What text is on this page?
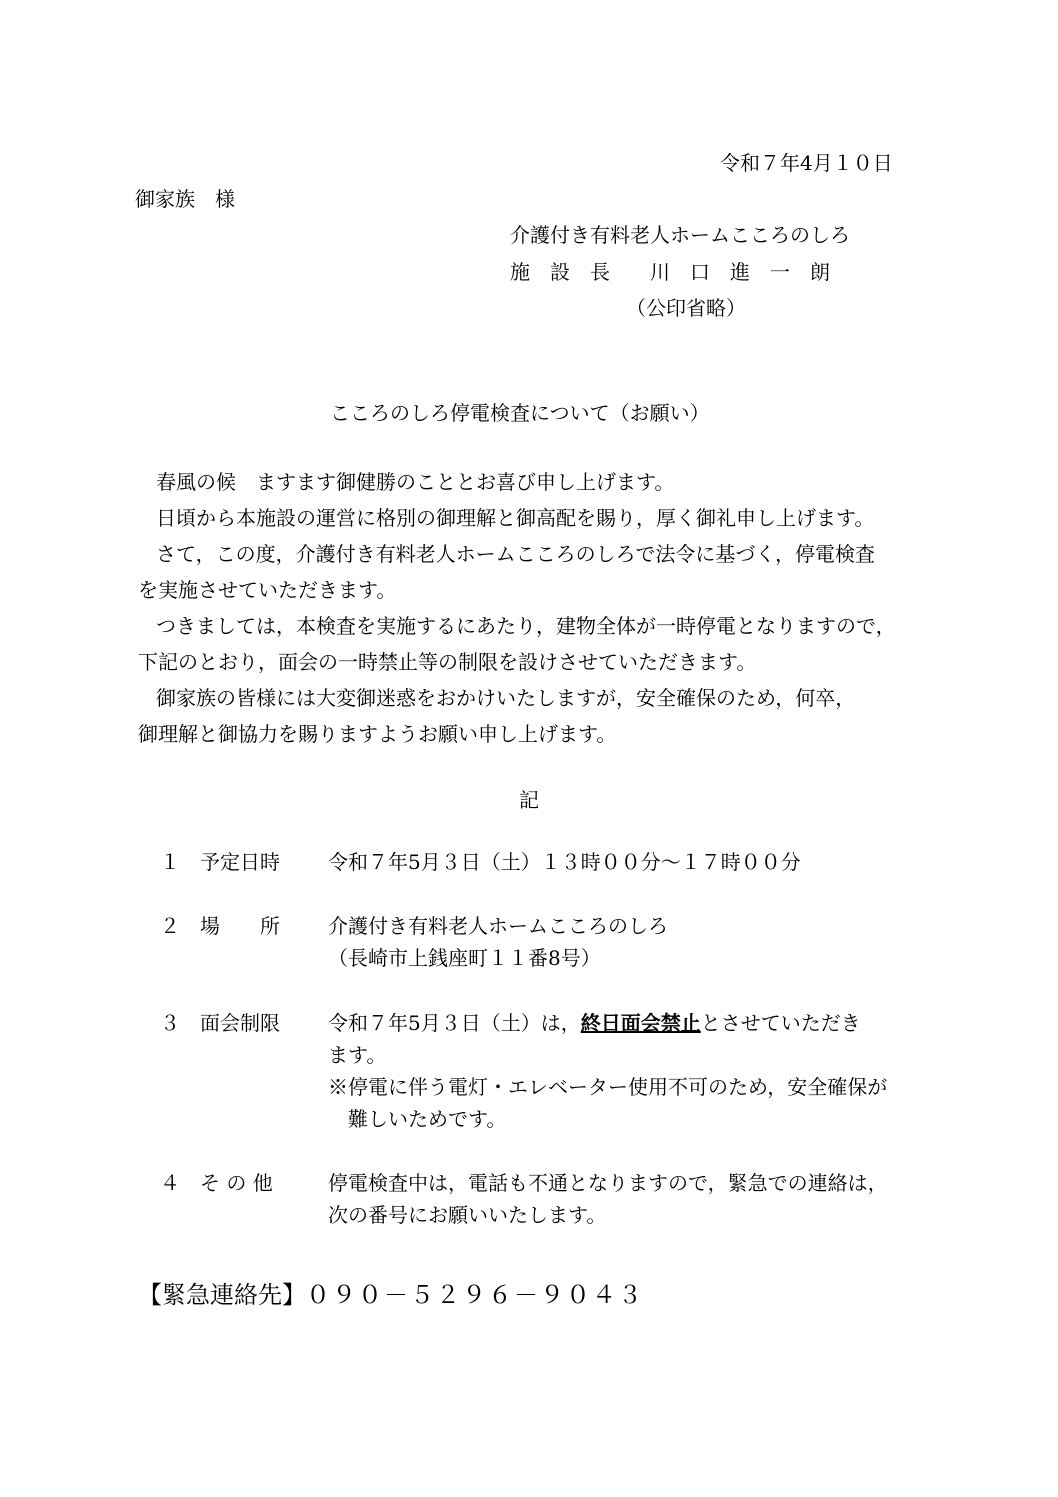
令和７年4月１０日
御家族　様
介護付き有料老人ホームこころのしろ
施　設　長　　川　口　進　一　朗
（公印省略）
こころのしろ停電検査について（お願い）
春風の候　ますます御健勝のこととお喜び申し上げます。
日頃から本施設の運営に格別の御理解と御高配を賜り，厚く御礼申し上げます。
さて，この度，介護付き有料老人ホームこころのしろで法令に基づく，停電検査
を実施させていただきます。
つきましては，本検査を実施するにあたり，建物全体が一時停電となりますので，
下記のとおり，面会の一時禁止等の制限を設けさせていただきます。
御家族の皆様には大変御迷惑をおかけいたしますが，安全確保のため，何卒，
御理解と御協力を賜りますようお願い申し上げます。
記
１ 予定日時 令和７年5月３日（土）１３時００分～１７時００分
２ 場　　所 介護付き有料老人ホームこころのしろ
（長崎市上銭座町１１番8号）
３ 面会制限 令和７年5月３日（土）は，終日面会禁止とさせていただき
ます。
※停電に伴う電灯・エレベーター使用不可のため，安全確保が
　難しいためです。
４ そ の 他	停電検査中は，電話も不通となりますので，緊急での連絡は，
次の番号にお願いいたします。
【緊急連絡先】０９０－５２９６－９０４３
